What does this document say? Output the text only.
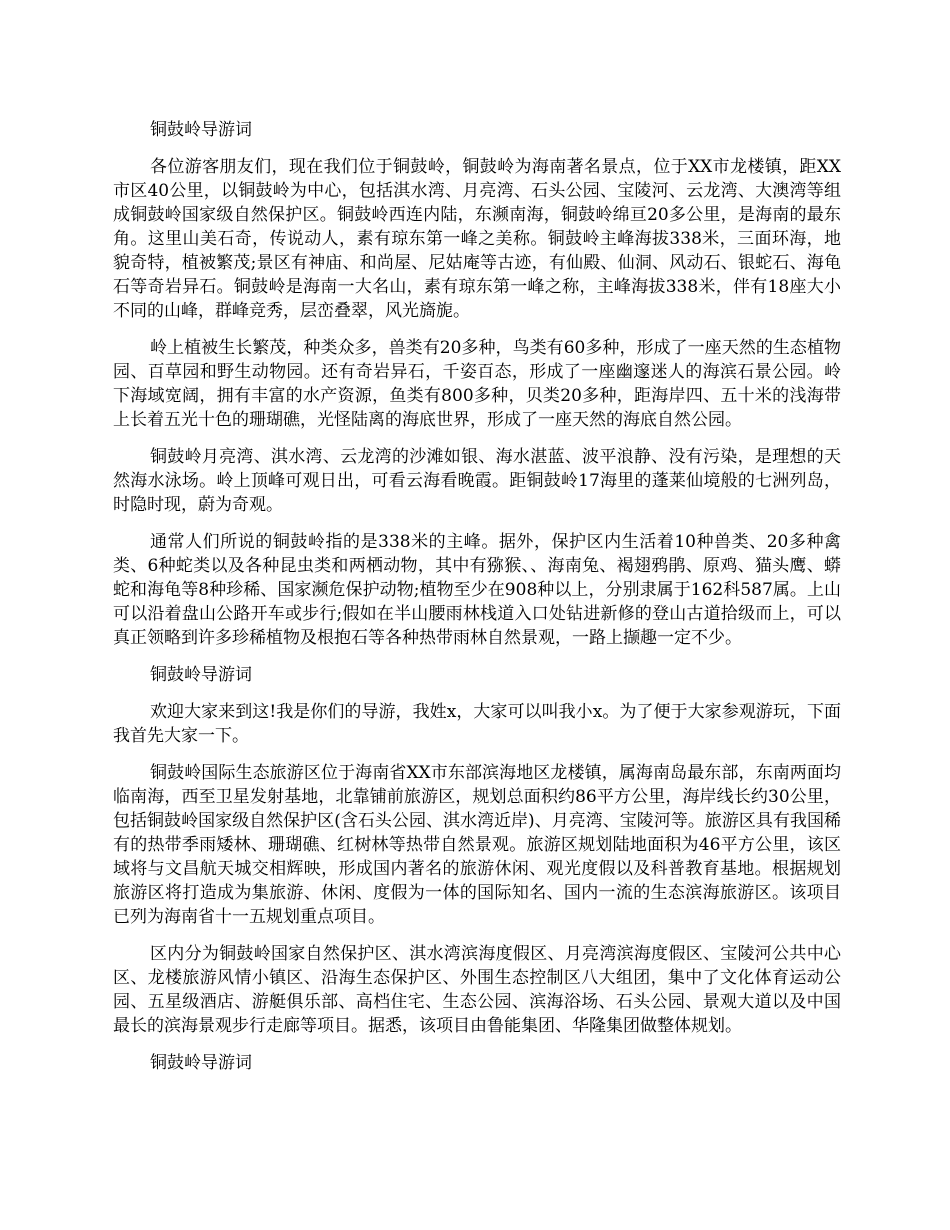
铜鼓岭导游词
各位游客朋友们，现在我们位于铜鼓岭，铜鼓岭为海南著名景点，位于XX市龙楼镇，距XX市区40公里，以铜鼓岭为中心，包括淇水湾、月亮湾、石头公园、宝陵河、云龙湾、大澳湾等组成铜鼓岭国家级自然保护区。铜鼓岭西连内陆，东濒南海，铜鼓岭绵亘20多公里，是海南的最东角。这里山美石奇，传说动人，素有琼东第一峰之美称。铜鼓岭主峰海拔338米，三面环海，地貌奇特，植被繁茂;景区有神庙、和尚屋、尼姑庵等古迹，有仙殿、仙洞、风动石、银蛇石、海龟石等奇岩异石。铜鼓岭是海南一大名山，素有琼东第一峰之称，主峰海拔338米，伴有18座大小不同的山峰，群峰竞秀，层峦叠翠，风光旖旎。
岭上植被生长繁茂，种类众多，兽类有20多种，鸟类有60多种，形成了一座天然的生态植物园、百草园和野生动物园。还有奇岩异石，千姿百态，形成了一座幽邃迷人的海滨石景公园。岭下海域宽阔，拥有丰富的水产资源，鱼类有800多种，贝类20多种，距海岸四、五十米的浅海带上长着五光十色的珊瑚礁，光怪陆离的海底世界，形成了一座天然的海底自然公园。
铜鼓岭月亮湾、淇水湾、云龙湾的沙滩如银、海水湛蓝、波平浪静、没有污染，是理想的天然海水泳场。岭上顶峰可观日出，可看云海看晚霞。距铜鼓岭17海里的蓬莱仙境般的七洲列岛，时隐时现，蔚为奇观。
通常人们所说的铜鼓岭指的是338米的主峰。据外，保护区内生活着10种兽类、20多种禽类、6种蛇类以及各种昆虫类和两栖动物，其中有猕猴、、海南兔、褐翅鸦鹃、原鸡、猫头鹰、蟒蛇和海龟等8种珍稀、国家濒危保护动物;植物至少在908种以上，分别隶属于162科587属。上山可以沿着盘山公路开车或步行;假如在半山腰雨林栈道入口处钻进新修的登山古道拾级而上，可以真正领略到许多珍稀植物及根抱石等各种热带雨林自然景观，一路上撷趣一定不少。
铜鼓岭导游词
欢迎大家来到这!我是你们的导游，我姓x，大家可以叫我小x。为了便于大家参观游玩，下面我首先大家一下。
铜鼓岭国际生态旅游区位于海南省XX市东部滨海地区龙楼镇，属海南岛最东部，东南两面均临南海，西至卫星发射基地，北靠铺前旅游区，规划总面积约86平方公里，海岸线长约30公里，包括铜鼓岭国家级自然保护区(含石头公园、淇水湾近岸)、月亮湾、宝陵河等。旅游区具有我国稀有的热带季雨矮林、珊瑚礁、红树林等热带自然景观。旅游区规划陆地面积为46平方公里，该区域将与文昌航天城交相辉映，形成国内著名的旅游休闲、观光度假以及科普教育基地。根据规划旅游区将打造成为集旅游、休闲、度假为一体的国际知名、国内一流的生态滨海旅游区。该项目已列为海南省十一五规划重点项目。
区内分为铜鼓岭国家自然保护区、淇水湾滨海度假区、月亮湾滨海度假区、宝陵河公共中心区、龙楼旅游风情小镇区、沿海生态保护区、外围生态控制区八大组团，集中了文化体育运动公园、五星级酒店、游艇俱乐部、高档住宅、生态公园、滨海浴场、石头公园、景观大道以及中国最长的滨海景观步行走廊等项目。据悉，该项目由鲁能集团、华隆集团做整体规划。
铜鼓岭导游词
